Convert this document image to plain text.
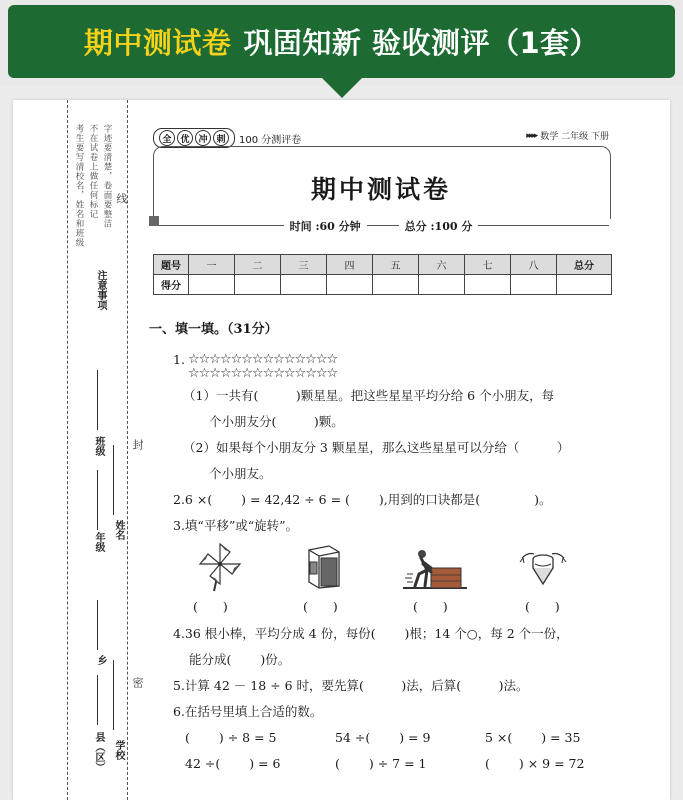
期中测试卷 巩固知新 验收测评（1套）
考生要写清校名，姓名和班级 不在试卷上做任何标记 字迹要清楚，卷面要整洁 线
注意事项
班级 封
年级
姓名
乡
密
县（区） 学校
全 优 冲 刺	100 分测评卷	▸▸▸▸ 数学 二年级 下册
期中测试卷
时间 :60 分钟	总分 :100 分
题号	一	二	三	四	五	六	七	八	总分
得分									
一、填一填。（31分）
1. ☆☆☆☆☆☆☆☆☆☆☆☆☆☆
☆☆☆☆☆☆☆☆☆☆☆☆☆☆
（1）一共有(　　　)颗星星。把这些星星平均分给 6 个小朋友，每
个小朋友分(　　　)颗。
（2）如果每个小朋友分 3 颗星星，那么这些星星可以分给（　　　）
个小朋友。
2.6 ×(　　 ) = 42,42 ÷ 6 = (　　 ),用到的口诀都是(　　　　 )。
3.填“平移”或“旋转”。
(　　)	(　　)	(　　)	(　　)
4.36 根小棒，平均分成 4 份，每份(　　 )根；14 个○，每 2 个一份，
能分成(　　 )份。
5.计算 42 － 18 ÷ 6 时，要先算(　　　)法，后算(　　　)法。
6.在括号里填上合适的数。
(　　 ) ÷ 8 = 5	54 ÷(　　 ) = 9	5 ×(　　 ) = 35
42 ÷(　　 ) = 6	(　　 ) ÷ 7 = 1	(　　 ) × 9 = 72
